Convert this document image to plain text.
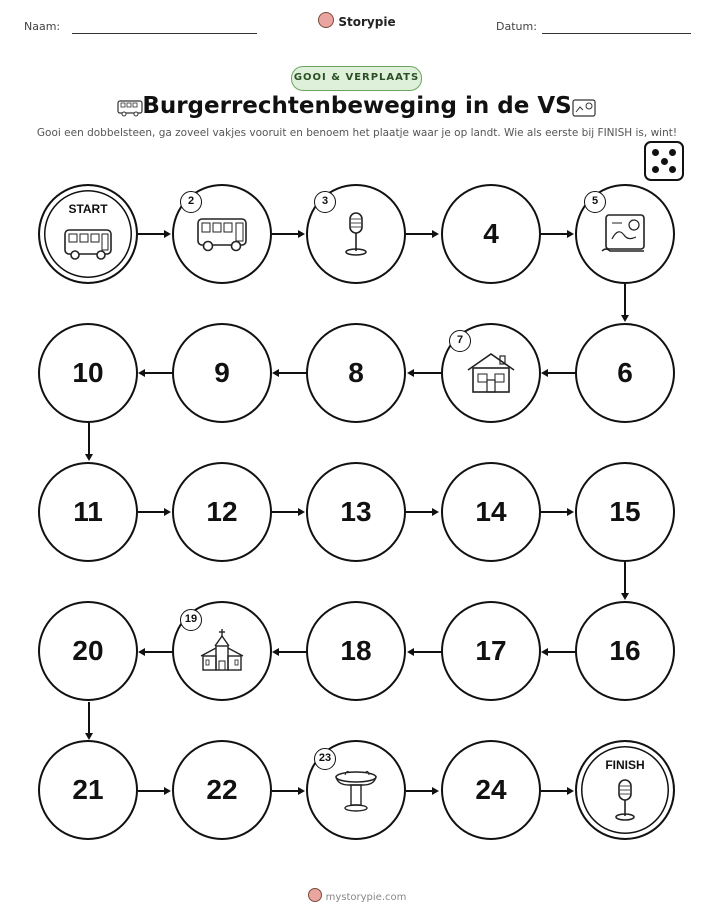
Naam:	Storypie	Datum:
GOOI & VERPLAATS
Burgerrechtenbeweging in de VS
Gooi een dobbelsteen, ga zoveel vakjes vooruit en benoem het plaatje waar je op landt. Wie als eerste bij FINISH is, wint!
START
2	3
4
5
6
7
8
9
10
11	12	13	14	15
16
17
18
19
20
21	22
23
24
FINISH
mystorypie.com
